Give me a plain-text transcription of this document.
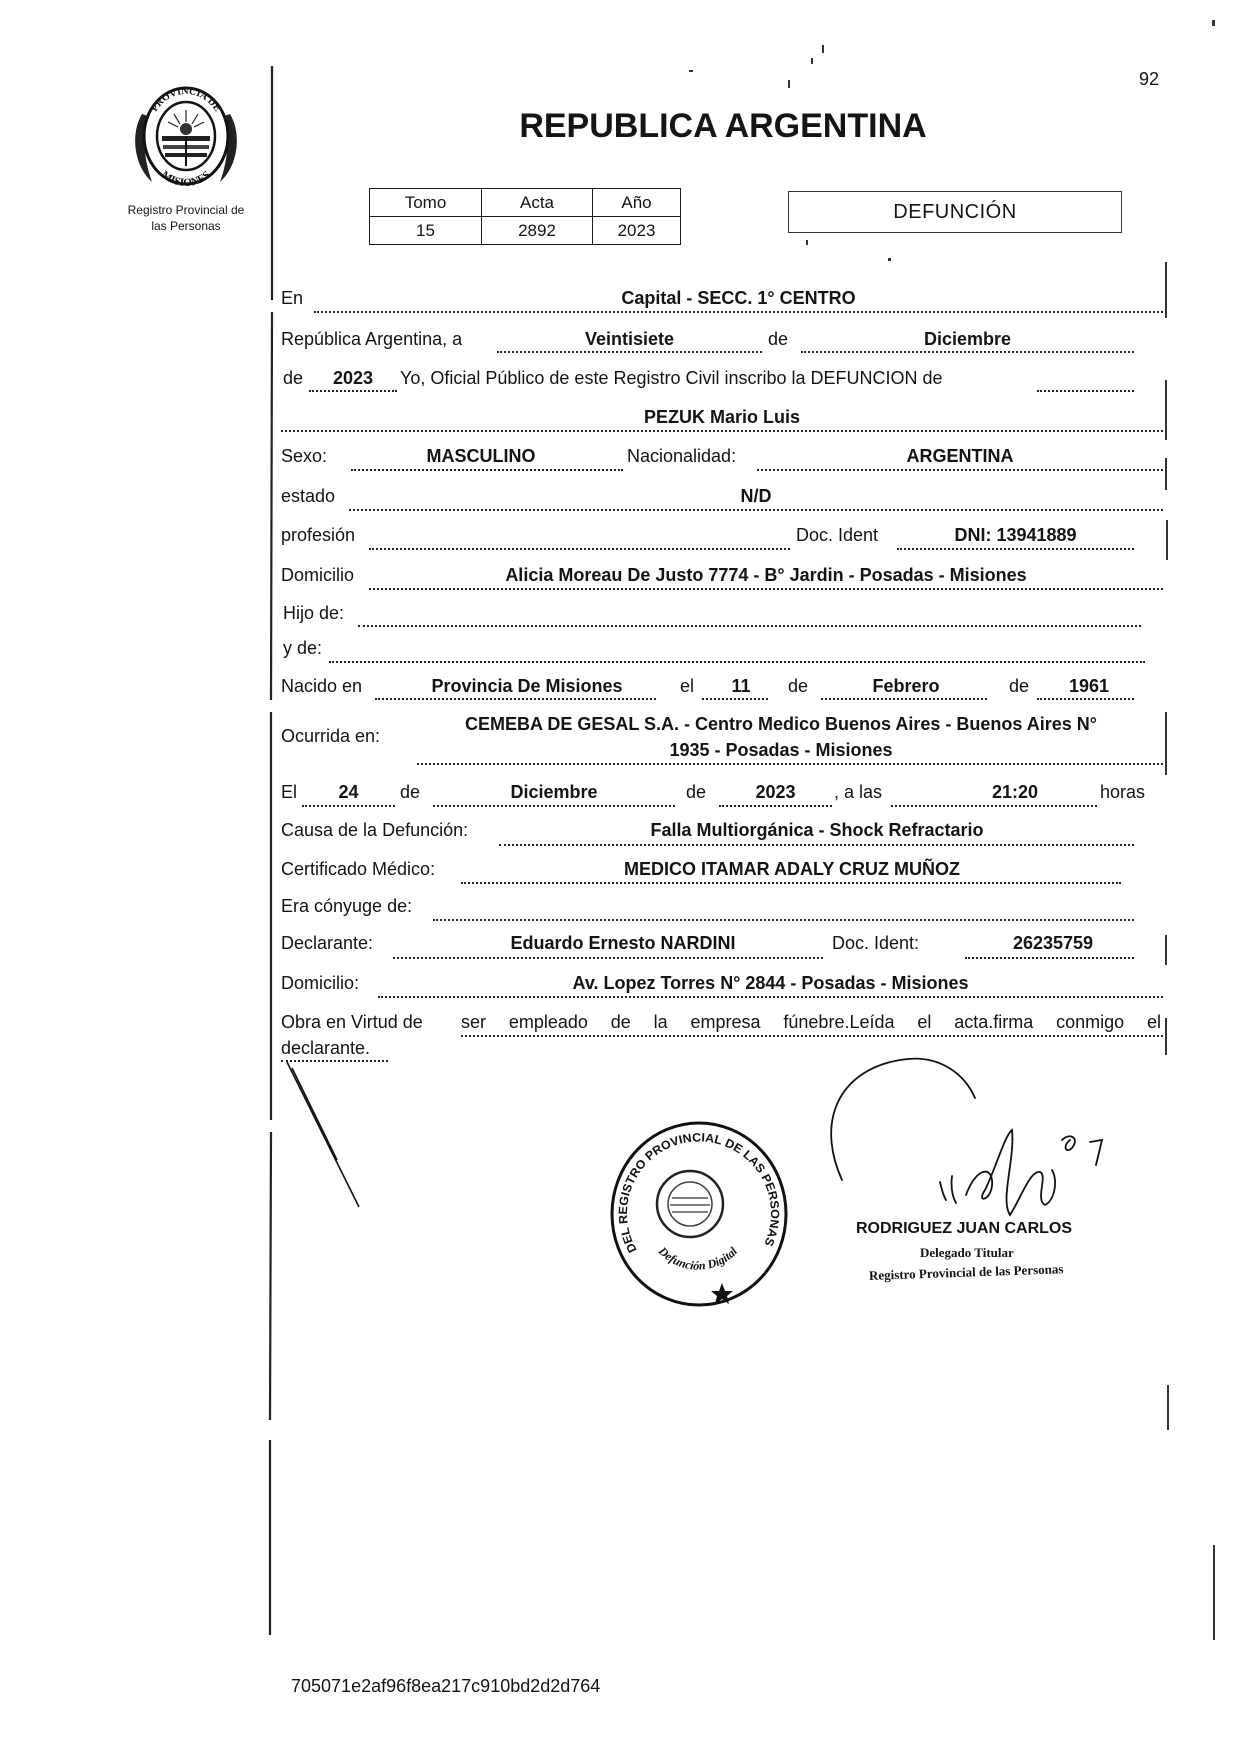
PROVINCIA DE
MISIONES
Registro Provincial de
las Personas
92
REPUBLICA ARGENTINA
Tomo	Acta	Año
15	2892	2023
DEFUNCIÓN
En	Capital - SECC. 1° CENTRO
República Argentina, a	Veintisiete	de	Diciembre
de	2023	Yo, Oficial Público de este Registro Civil inscribo la DEFUNCION de
PEZUK Mario Luis
Sexo:	MASCULINO	Nacionalidad:	ARGENTINA
estado	N/D
profesión	Doc. Ident	DNI: 13941889
Domicilio	Alicia Moreau De Justo 7774 - B° Jardin - Posadas - Misiones
Hijo de:
y de:
Nacido en	Provincia De Misiones	el	11	de	Febrero	de	1961
Ocurrida en:
CEMEBA DE GESAL S.A. - Centro Medico Buenos Aires - Buenos Aires N°
1935 - Posadas - Misiones
El	24	de	Diciembre	de	2023	, a las	21:20	horas
Causa de la Defunción:	Falla Multiorgánica - Shock Refractario
Certificado Médico:	MEDICO ITAMAR ADALY CRUZ MUÑOZ
Era cónyuge de:
Declarante:	Eduardo Ernesto NARDINI	Doc. Ident:	26235759
Domicilio:	Av. Lopez Torres N° 2844 - Posadas - Misiones
Obra en Virtud de ser empleado de la empresa fúnebre.Leída el acta.firma conmigo el
declarante.
DEL REGISTRO PROVINCIAL DE LAS PERSONAS
Defunción Digital
RODRIGUEZ JUAN CARLOS
Delegado Titular
Registro Provincial de las Personas
705071e2af96f8ea217c910bd2d2d764
